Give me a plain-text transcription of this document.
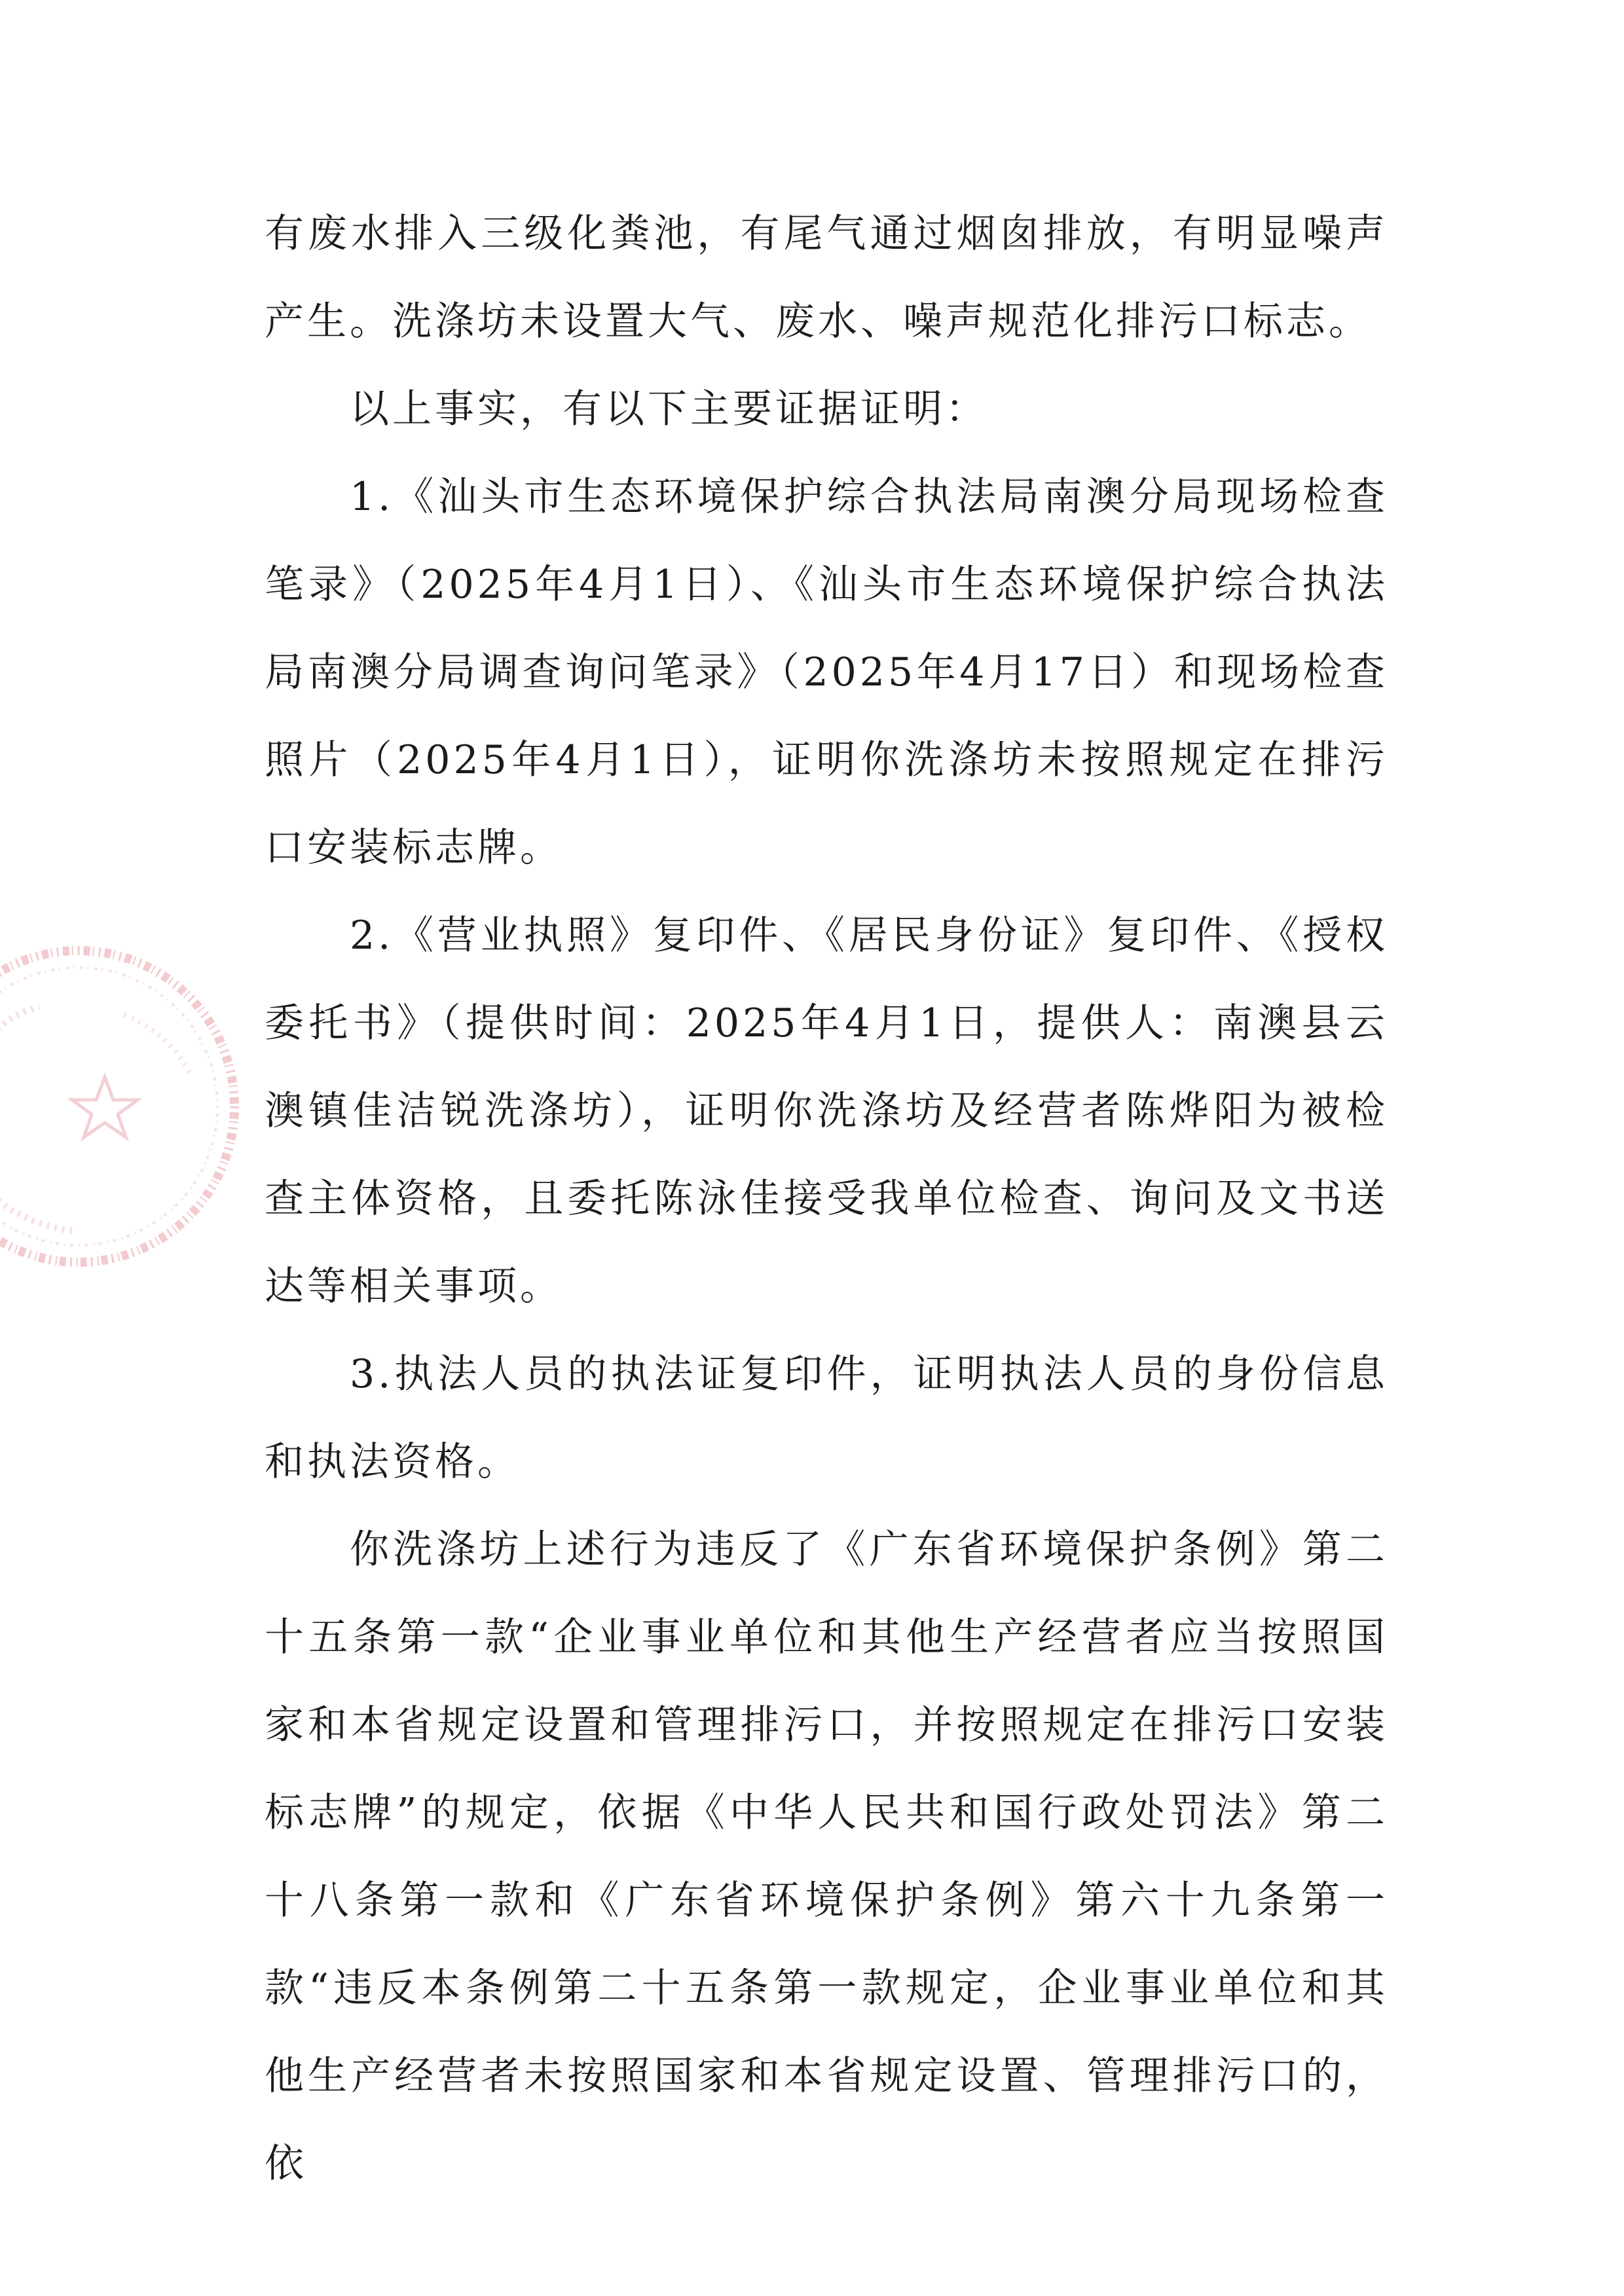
有废水排入三级化粪池，有尾气通过烟囱排放，有明显噪声产生。洗涤坊未设置大气、废水、噪声规范化排污口标志。

以上事实，有以下主要证据证明：

1.《汕头市生态环境保护综合执法局南澳分局现场检查笔录》（2025年4月1日）、《汕头市生态环境保护综合执法局南澳分局调查询问笔录》（2025年4月17日）和现场检查照片（2025年4月1日），证明你洗涤坊未按照规定在排污口安装标志牌。

2.《营业执照》复印件、《居民身份证》复印件、《授权委托书》（提供时间：2025年4月1日，提供人：南澳县云澳镇佳洁锐洗涤坊），证明你洗涤坊及经营者陈烨阳为被检查主体资格，且委托陈泳佳接受我单位检查、询问及文书送达等相关事项。

3.执法人员的执法证复印件，证明执法人员的身份信息和执法资格。

你洗涤坊上述行为违反了《广东省环境保护条例》第二十五条第一款“企业事业单位和其他生产经营者应当按照国家和本省规定设置和管理排污口，并按照规定在排污口安装标志牌”的规定，依据《中华人民共和国行政处罚法》第二十八条第一款和《广东省环境保护条例》第六十九条第一款“违反本条例第二十五条第一款规定，企业事业单位和其他生产经营者未按照国家和本省规定设置、管理排污口的，依
